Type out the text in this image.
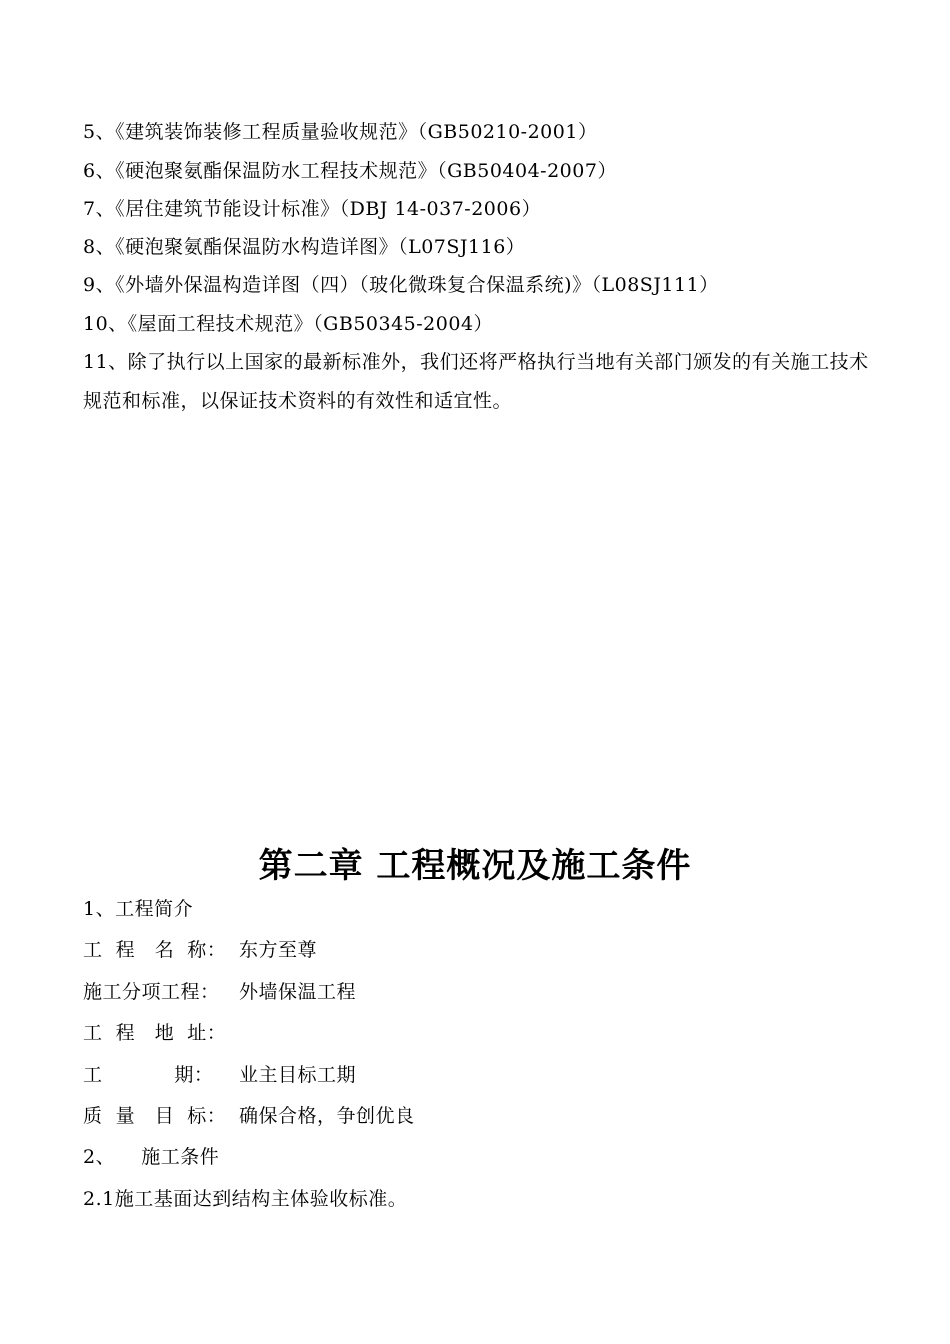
5、《建筑装饰装修工程质量验收规范》（GB50210-2001）
6、《硬泡聚氨酯保温防水工程技术规范》（GB50404-2007）
7、《居住建筑节能设计标准》（DBJ 14-037-2006）
8、《硬泡聚氨酯保温防水构造详图》（L07SJ116）
9、《外墙外保温构造详图（四）（玻化微珠复合保温系统)》（L08SJ111）
10、《屋面工程技术规范》（GB50345-2004）
11、除了执行以上国家的最新标准外，我们还将严格执行当地有关部门颁发的有关施工技术规范和标准，以保证技术资料的有效性和适宜性。
第二章 工程概况及施工条件
1、工程简介
工  程   名  称： 东方至尊
施工分项工程： 外墙保温工程
工  程   地  址：
工           期： 业主目标工期
质  量   目  标： 确保合格，争创优良
2、    施工条件
2.1施工基面达到结构主体验收标准。
